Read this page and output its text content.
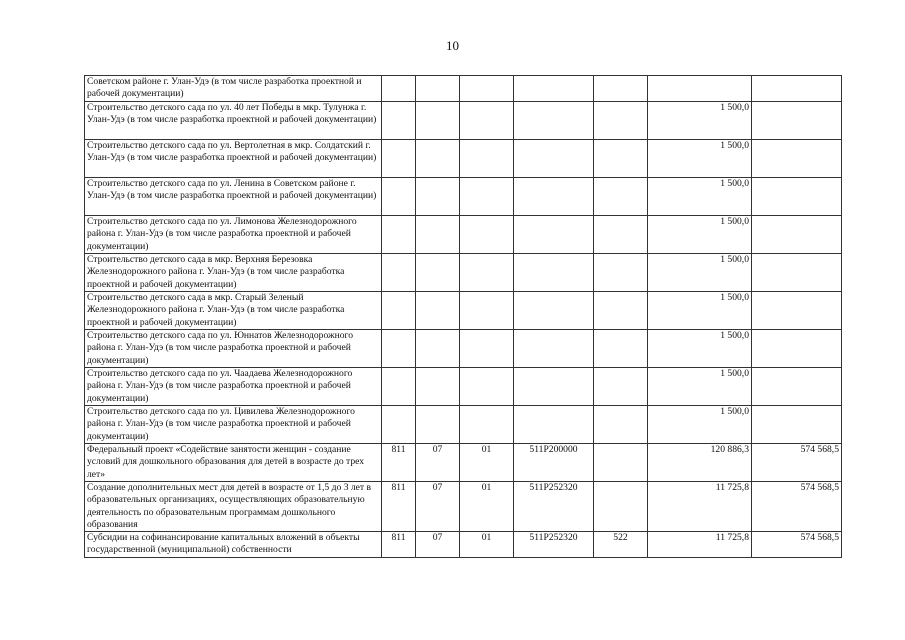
10
Советском районе г. Улан-Удэ (в том числе разработка проектной и рабочей документации)							
Строительство детского сада по ул. 40 лет Победы в мкр. Тулунжа г. Улан-Удэ (в том числе разработка проектной и рабочей документации)						1 500,0	
Строительство детского сада по ул. Вертолетная в мкр. Солдатский г. Улан-Удэ (в том числе разработка проектной и рабочей документации)						1 500,0	
Строительство детского сада по ул. Ленина в Советском районе г. Улан-Удэ (в том числе разработка проектной и рабочей документации)						1 500,0	
Строительство детского сада по ул. Лимонова Железнодорожного района г. Улан-Удэ (в том числе разработка проектной и рабочей документации)						1 500,0	
Строительство детского сада в мкр. Верхняя Березовка Железнодорожного района г. Улан-Удэ (в том числе разработка проектной и рабочей документации)						1 500,0	
Строительство детского сада в мкр. Старый Зеленый Железнодорожного района г. Улан-Удэ (в том числе разработка проектной и рабочей документации)						1 500,0	
Строительство детского сада по ул. Юннатов Железнодорожного района г. Улан-Удэ (в том числе разработка проектной и рабочей документации)						1 500,0	
Строительство детского сада по ул. Чаадаева Железнодорожного района г. Улан-Удэ (в том числе разработка проектной и рабочей документации)						1 500,0	
Строительство детского сада по ул. Цивилева Железнодорожного района г. Улан-Удэ (в том числе разработка проектной и рабочей документации)						1 500,0	
Федеральный проект «Содействие занятости женщин - создание условий для дошкольного образования для детей в возрасте до трех лет»	811	07	01	511P200000		120 886,3	574 568,5
Создание дополнительных мест для детей в возрасте от 1,5 до 3 лет в образовательных организациях, осуществляющих образовательную деятельность по образовательным программам дошкольного образования	811	07	01	511P252320		11 725,8	574 568,5
Субсидии на софинансирование капитальных вложений в объекты государственной (муниципальной) собственности	811	07	01	511P252320	522	11 725,8	574 568,5
